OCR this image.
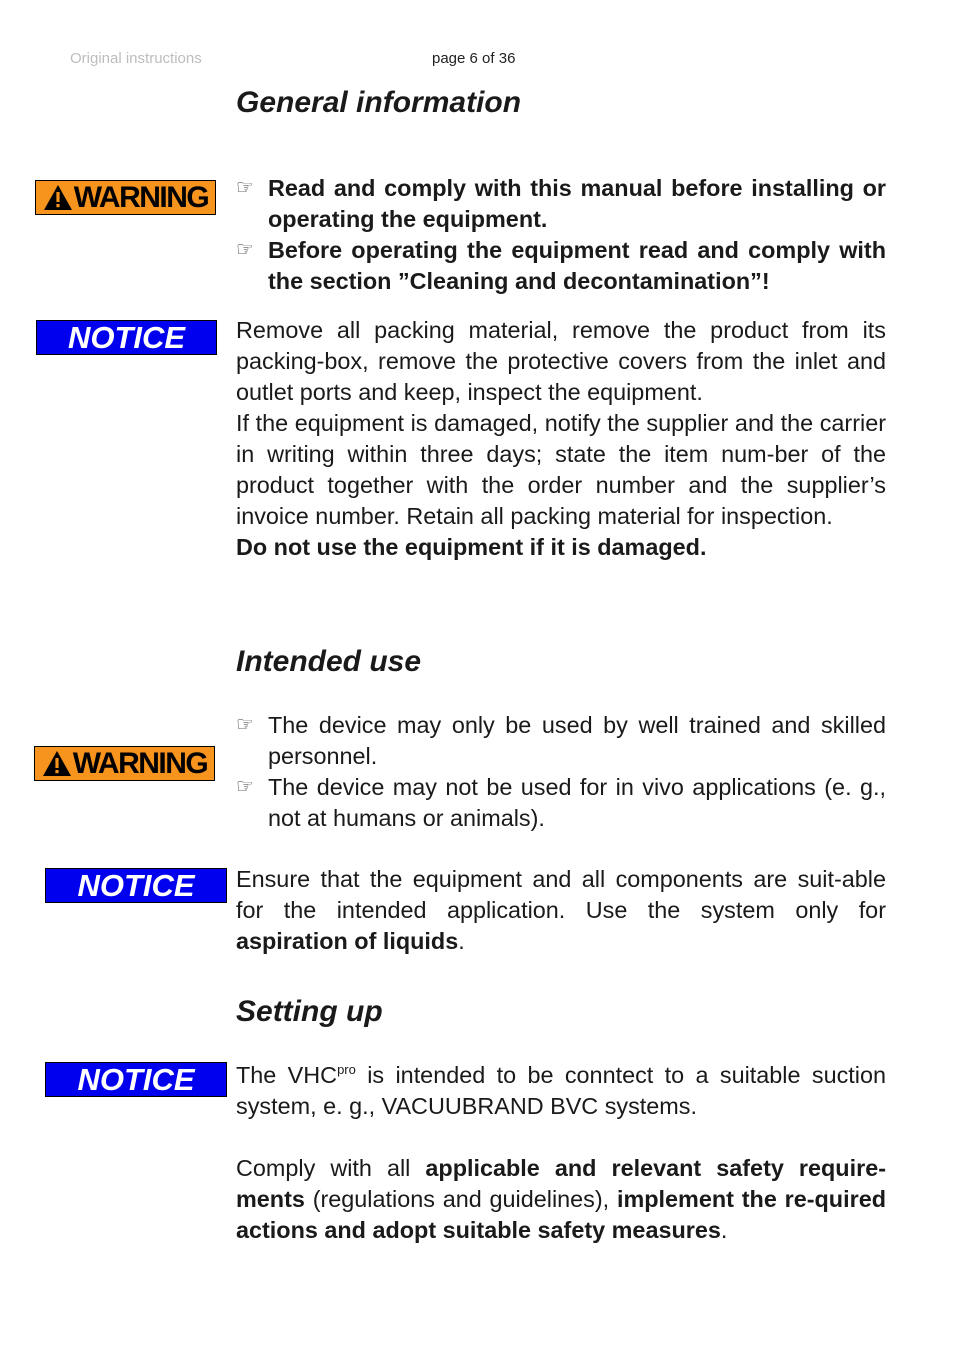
Original instructions	page 6 of 36
General information
WARNING ☞ Read and comply with this manual before installing or operating the equipment.
☞ Before operating the equipment read and comply with the section ”Cleaning and decontamination”!
NOTICE	Remove all packing material, remove the product from its packing-box, remove the protective covers from the inlet and outlet ports and keep, inspect the equipment.

If the equipment is damaged, notify the supplier and the carrier in writing within three days; state the item num-ber of the product together with the order number and the supplier’s invoice number. Retain all packing material for inspection.

Do not use the equipment if it is damaged.

Intended use
☞ The device may only be used by well trained and skilled personnel.
☞ The device may not be used for in vivo applications (e. g., not at humans or animals).
WARNING
NOTICE	Ensure that the equipment and all components are suit-able for the intended application. Use the system only for aspiration of liquids.
Setting up
NOTICE	The $VHC^{pro}$ is intended to be conntect to a suitable suction system, e. g., VACUUBRAND BVC systems.

Comply with all applicable and relevant safety require-ments (regulations and guidelines), implement the re-quired actions and adopt suitable safety measures.
